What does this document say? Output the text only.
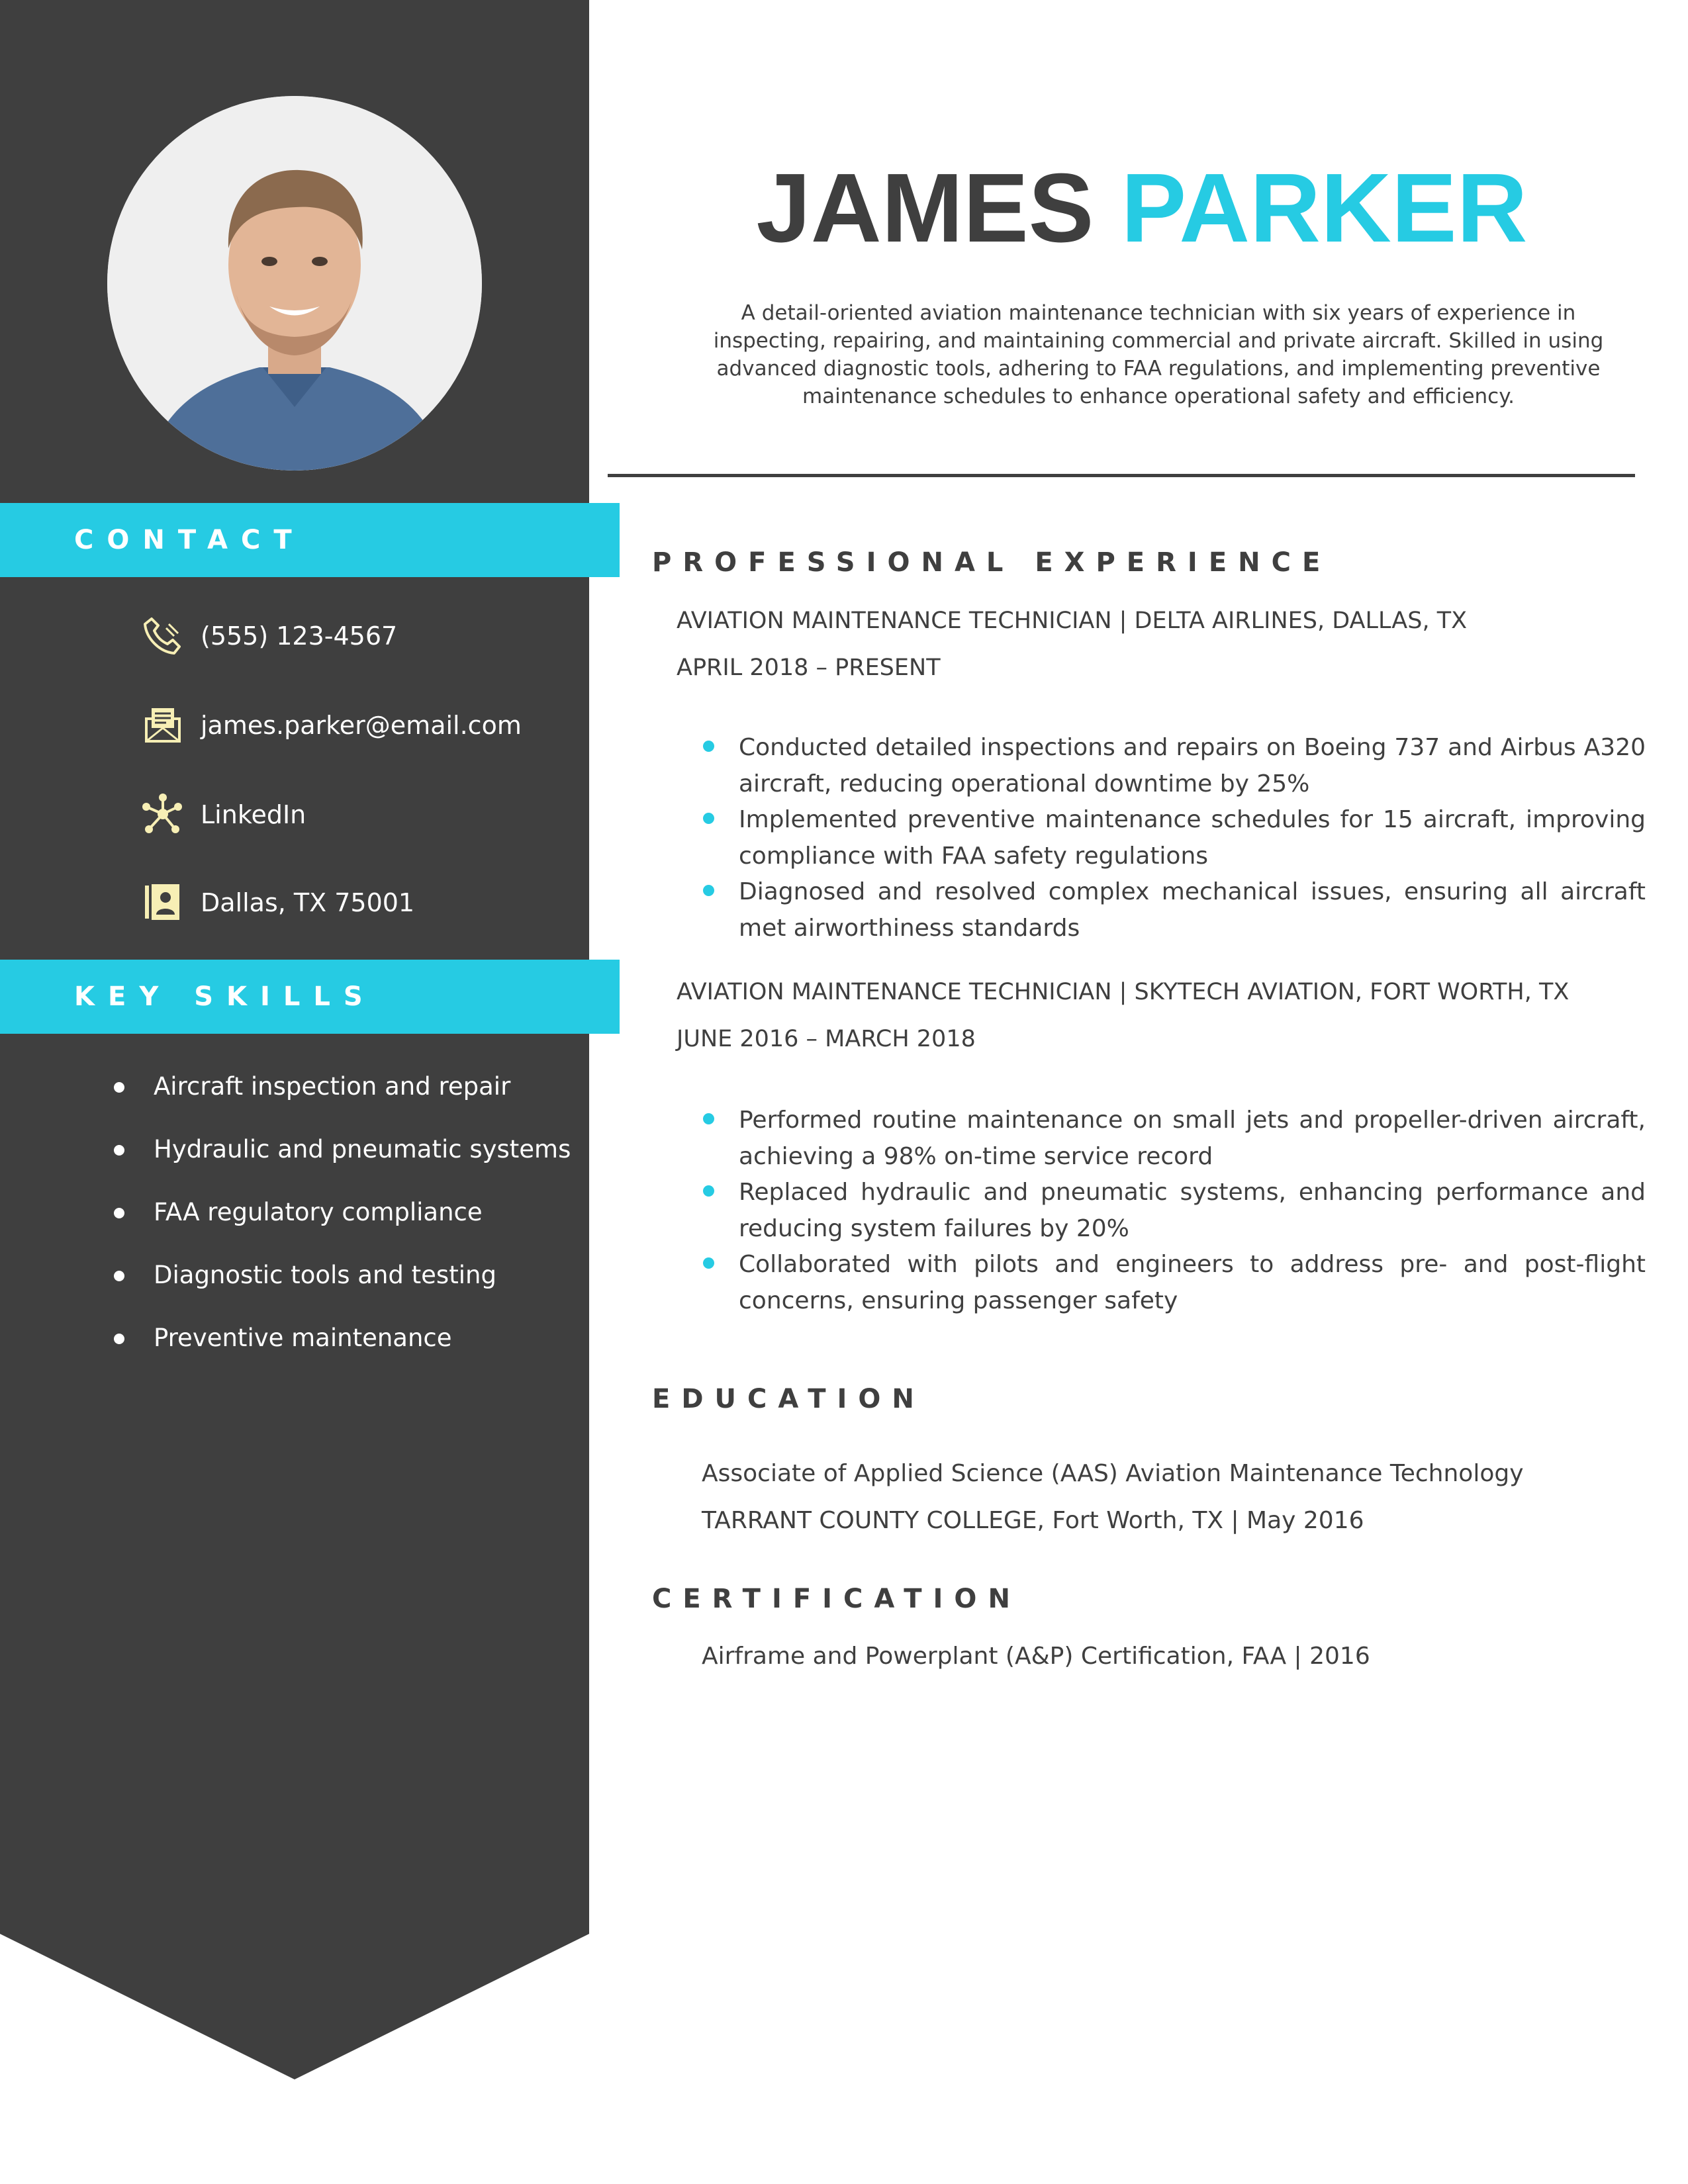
CONTACT
(555) 123-4567
james.parker@email.com
LinkedIn
Dallas, TX 75001
KEY SKILLS
Aircraft inspection and repair
Hydraulic and pneumatic systems
FAA regulatory compliance
Diagnostic tools and testing
Preventive maintenance
JAMES PARKER
A detail-oriented aviation maintenance technician with six years of experience in inspecting, repairing, and maintaining commercial and private aircraft. Skilled in using advanced diagnostic tools, adhering to FAA regulations, and implementing preventive maintenance schedules to enhance operational safety and efficiency.
PROFESSIONAL EXPERIENCE
AVIATION MAINTENANCE TECHNICIAN | DELTA AIRLINES, DALLAS, TX
APRIL 2018 – PRESENT
Conducted detailed inspections and repairs on Boeing 737 and Airbus A320 aircraft, reducing operational downtime by 25%
Implemented preventive maintenance schedules for 15 aircraft, improving compliance with FAA safety regulations
Diagnosed and resolved complex mechanical issues, ensuring all aircraft met airworthiness standards
AVIATION MAINTENANCE TECHNICIAN | SKYTECH AVIATION, FORT WORTH, TX
JUNE 2016 – MARCH 2018
Performed routine maintenance on small jets and propeller-driven aircraft, achieving a 98% on-time service record
Replaced hydraulic and pneumatic systems, enhancing performance and reducing system failures by 20%
Collaborated with pilots and engineers to address pre- and post-flight concerns, ensuring passenger safety
EDUCATION
Associate of Applied Science (AAS) Aviation Maintenance Technology
TARRANT COUNTY COLLEGE, Fort Worth, TX | May 2016
CERTIFICATION
Airframe and Powerplant (A&P) Certification, FAA | 2016
